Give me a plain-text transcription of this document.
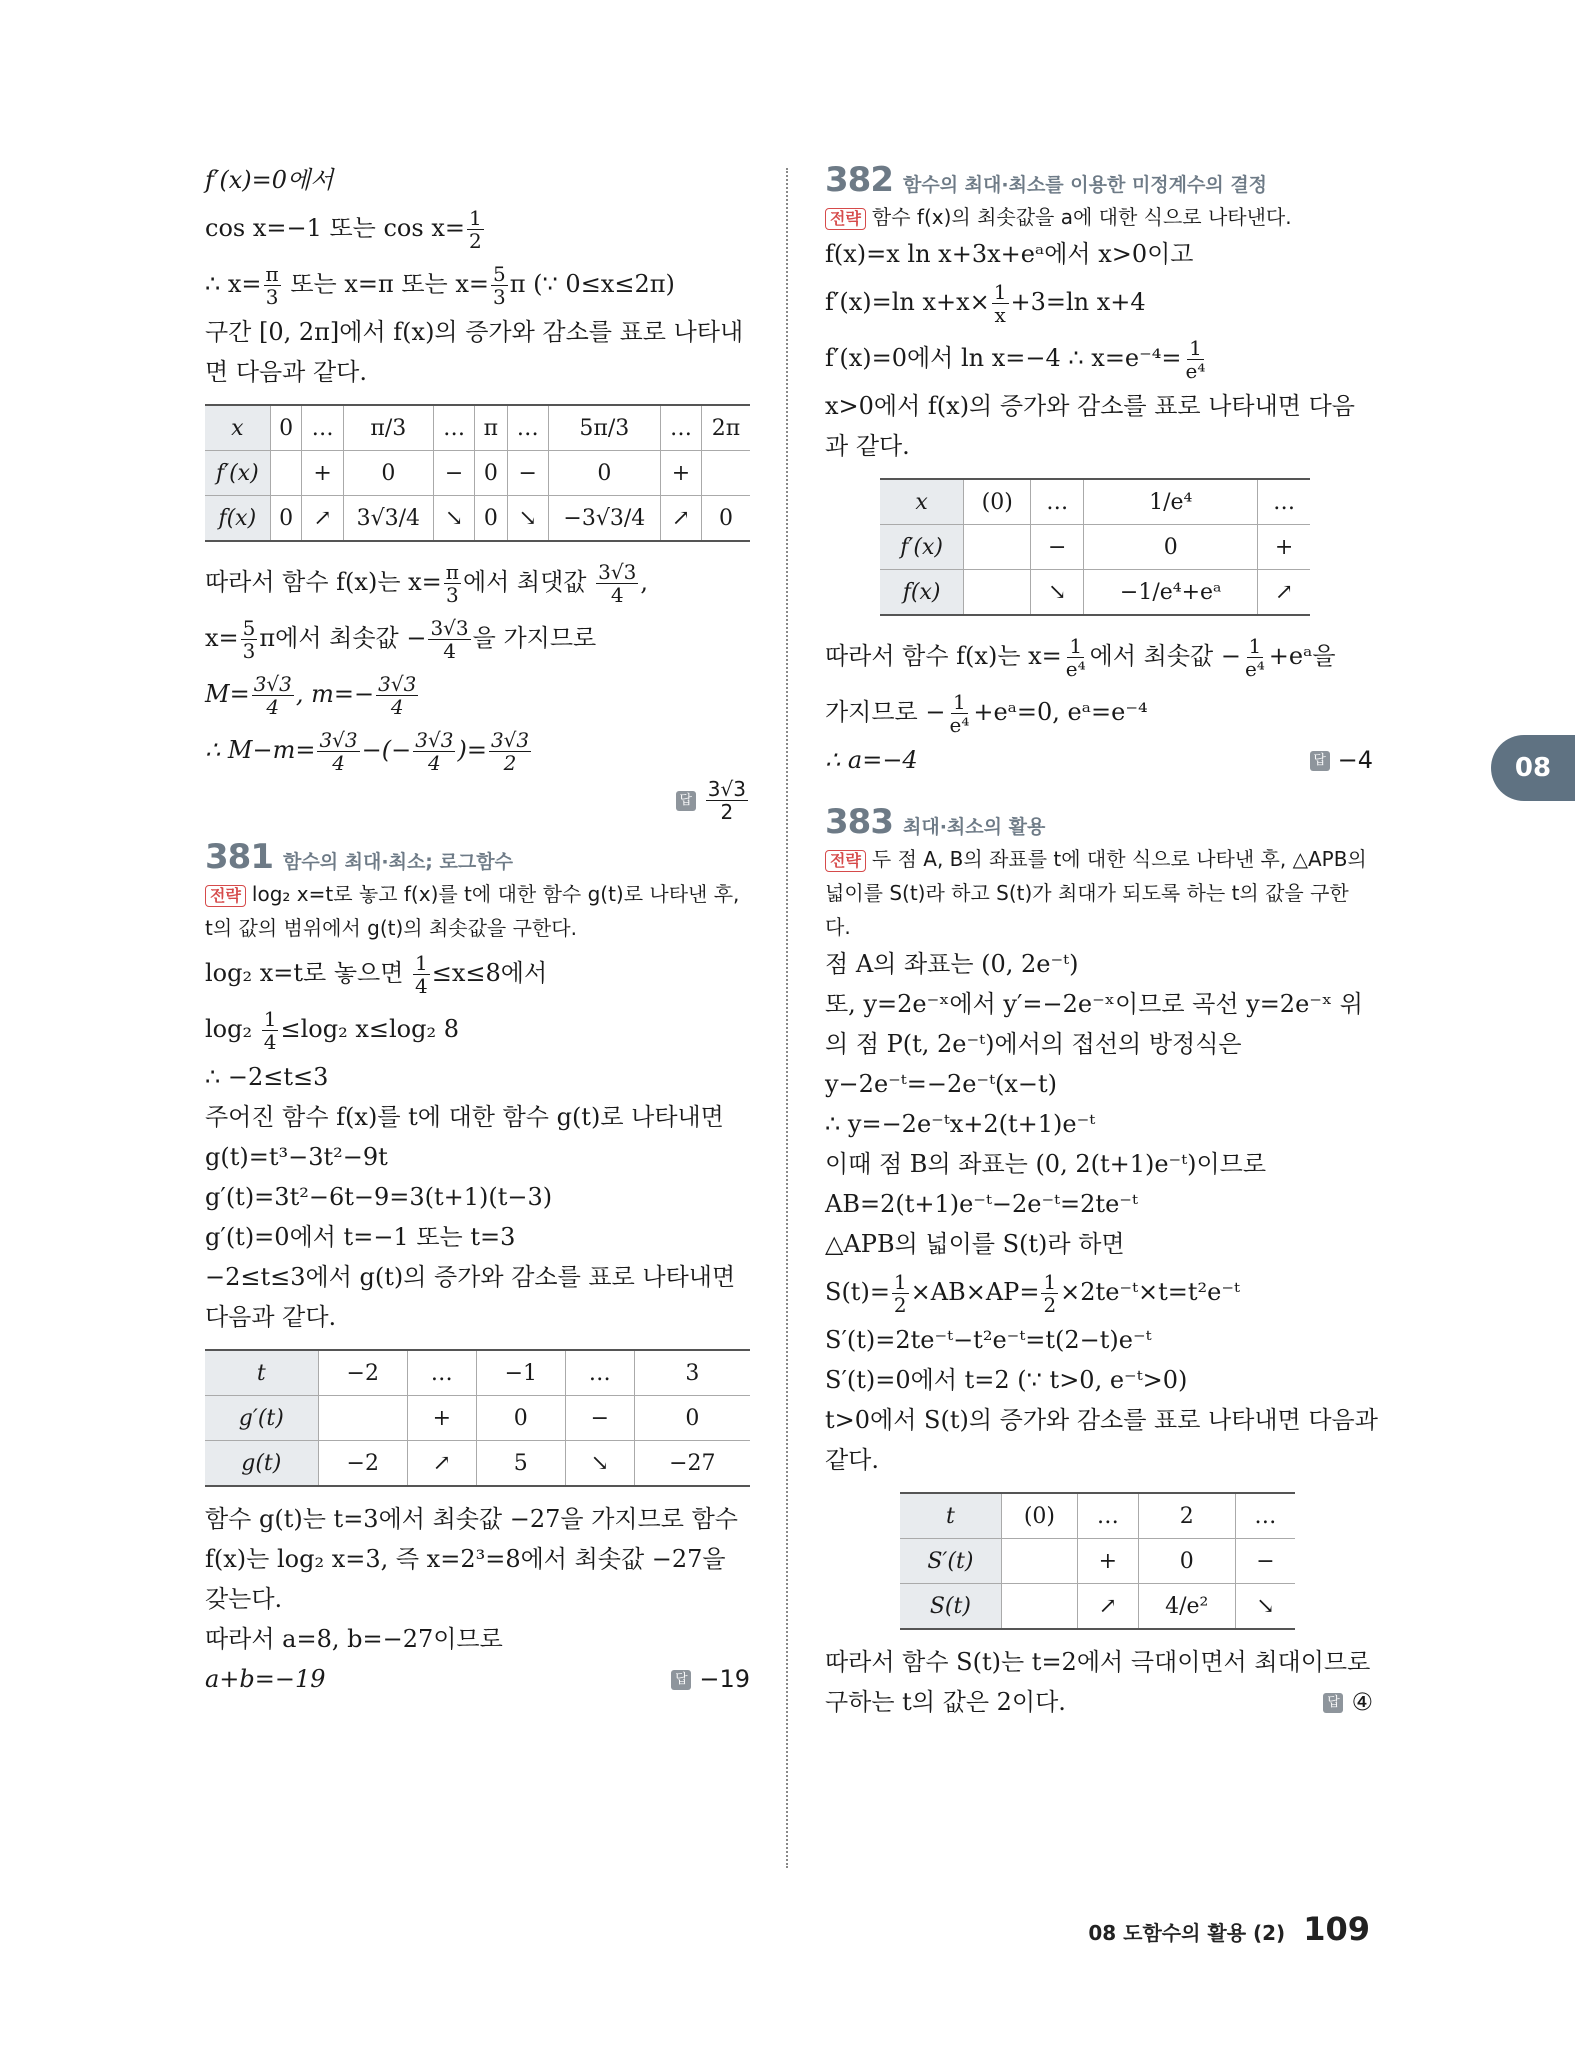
f′(x)=0에서
cos x=−1 또는 $\cos x= \frac{1}{2}$
∴ $x= \frac{\pi}{3}$ 또는 x=π 또는 $x= \frac{5}{3}$ π (∵ 0≤x≤2π)
구간 [0, 2π]에서 f(x)의 증가와 감소를 표로 나타내
면 다음과 같다.
x	0	…	π/3	…	π	…	5π/3	…	2π
f′(x)		+	0	−	0	−	0	+	
f(x)	0	↗	3√3/4	↘	0	↘	−3√3/4	↗	0
따라서 함수 f(x)는 $x= \frac{\pi}{3}$ 에서 최댓값 $\frac{3√3}{4}$ ,
$x= \frac{5}{3}$ π에서 최솟값 − $\frac{3√3}{4}$ 을 가지므로
$M= \frac{3√3}{4}$ , $m=- \frac{3√3}{4}$
∴ $M-m= \frac{3√3}{4}$ −(− $\frac{3√3}{4}$ )= $\frac{3√3}{2}$
답 $\frac{3√3}{2}$
381 함수의 최대·최소; 로그함수
전략 log₂ x=t로 놓고 f(x)를 t에 대한 함수 g(t)로 나타낸 후, t의 값의 범위에서 g(t)의 최솟값을 구한다.
log₂ x=t로 놓으면 $\frac{1}{4} \le x\le 8$에서
$\log_2 \frac{1}{4} \le\log_2$ x≤log₂ 8
∴ −2≤t≤3
주어진 함수 f(x)를 t에 대한 함수 g(t)로 나타내면
g(t)=t³−3t²−9t
g′(t)=3t²−6t−9=3(t+1)(t−3)
g′(t)=0에서 t=−1 또는 t=3
−2≤t≤3에서 g(t)의 증가와 감소를 표로 나타내면
다음과 같다.
t	−2	…	−1	…	3
g′(t)		+	0	−	0
g(t)	−2	↗	5	↘	−27
함수 g(t)는 t=3에서 최솟값 −27을 가지므로 함수
f(x)는 log₂ x=3, 즉 x=2³=8에서 최솟값 −27을
갖는다.
따라서 a=8, b=−27이므로
a+b=−19	답 −19
382 함수의 최대·최소를 이용한 미정계수의 결정
전략 함수 f(x)의 최솟값을 a에 대한 식으로 나타낸다.
f(x)=x ln x+3x+eᵃ에서 x>0이고
f′(x)=ln $x+x\times \frac{1}{x} +3=\ln$ x+4
f′(x)=0에서 ln x=−4 ∴ $x=e^{-4}= \frac{1}{\text{e⁴}}$
x>0에서 f(x)의 증가와 감소를 표로 나타내면 다음
과 같다.
x	(0)	…	1/e⁴	…
f′(x)		−	0	+
f(x)		↘	−1/e⁴+eᵃ	↗
따라서 함수 f(x)는 $x= \frac{1}{\text{e⁴}}$ 에서 최솟값 − $\frac{1}{\text{e⁴}}$ +eᵃ을
가지므로 − $\frac{1}{\text{e⁴}}$ +eᵃ=0, eᵃ=e⁻⁴
∴ a=−4	답 −4
383 최대·최소의 활용
전략 두 점 A, B의 좌표를 t에 대한 식으로 나타낸 후, △APB의 넓이를 S(t)라 하고 S(t)가 최대가 되도록 하는 t의 값을 구한다.
점 A의 좌표는 (0, 2e⁻ᵗ)
또, y=2e⁻ˣ에서 y′=−2e⁻ˣ이므로 곡선 y=2e⁻ˣ 위
의 점 P(t, 2e⁻ᵗ)에서의 접선의 방정식은
y−2e⁻ᵗ=−2e⁻ᵗ(x−t)
∴ y=−2e⁻ᵗx+2(t+1)e⁻ᵗ
이때 점 B의 좌표는 (0, 2(t+1)e⁻ᵗ)이므로
AB=2(t+1)e⁻ᵗ−2e⁻ᵗ=2te⁻ᵗ
△APB의 넓이를 S(t)라 하면
$S(t)= \frac{1}{2} \times AB\times AP= \frac{1}{2}$ ×2te⁻ᵗ×t=t²e⁻ᵗ
S′(t)=2te⁻ᵗ−t²e⁻ᵗ=t(2−t)e⁻ᵗ
S′(t)=0에서 t=2 (∵ t>0, e⁻ᵗ>0)
t>0에서 S(t)의 증가와 감소를 표로 나타내면 다음과
같다.
t	(0)	…	2	…
S′(t)		+	0	−
S(t)		↗	4/e²	↘
따라서 함수 S(t)는 t=2에서 극대이면서 최대이므로
구하는 t의 값은 2이다.	답 ④
08
08 도함수의 활용 (2) 109
